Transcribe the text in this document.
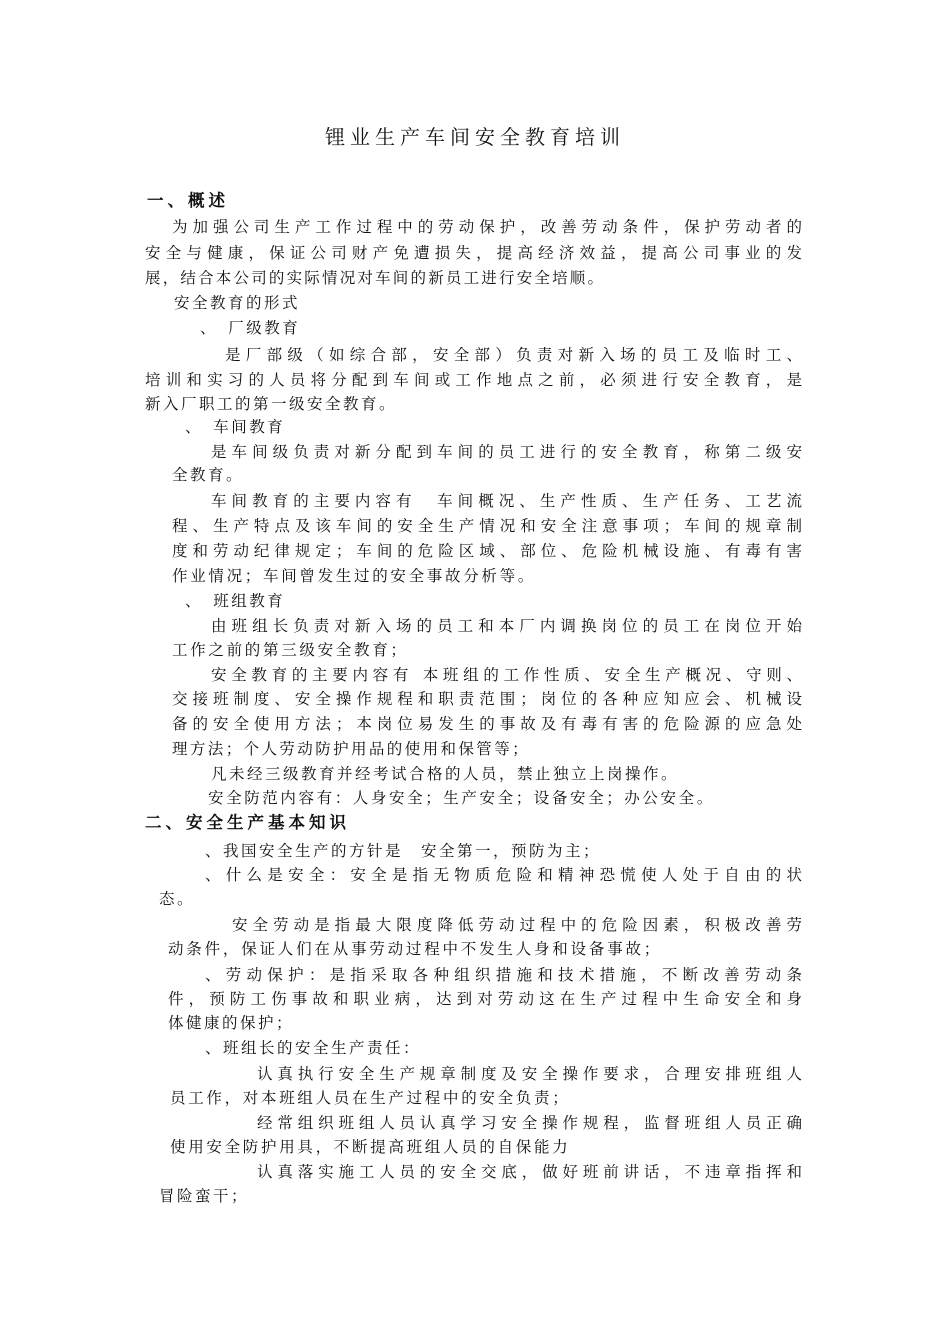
锂业生产车间安全教育培训
一、概述
为加强公司生产工作过程中的劳动保护，改善劳动条件，保护劳动者的
安全与健康，保证公司财产免遭损失，提高经济效益，提高公司事业的发
展，结合本公司的实际情况对车间的新员工进行安全培顺。
安全教育的形式
、　厂级教育
是厂部级（如综合部，安全部）负责对新入场的员工及临时工、
培训和实习的人员将分配到车间或工作地点之前，必须进行安全教育，是
新入厂职工的第一级安全教育。
、　车间教育
是车间级负责对新分配到车间的员工进行的安全教育，称第二级安
全教育。
车间教育的主要内容有　车间概况、生产性质、生产任务、工艺流
程、生产特点及该车间的安全生产情况和安全注意事项；车间的规章制
度和劳动纪律规定；车间的危险区域、部位、危险机械设施、有毒有害
作业情况；车间曾发生过的安全事故分析等。
、　班组教育
由班组长负责对新入场的员工和本厂内调换岗位的员工在岗位开始
工作之前的第三级安全教育；
安全教育的主要内容有 本班组的工作性质、安全生产概况、守则、
交接班制度、安全操作规程和职责范围；岗位的各种应知应会、机械设
备的安全使用方法；本岗位易发生的事故及有毒有害的危险源的应急处
理方法；个人劳动防护用品的使用和保管等；
凡未经三级教育并经考试合格的人员，禁止独立上岗操作。
安全防范内容有：人身安全；生产安全；设备安全；办公安全。
二、安全生产基本知识
、我国安全生产的方针是　安全第一，预防为主；
、什么是安全：安全是指无物质危险和精神恐慌使人处于自由的状
态。
安全劳动是指最大限度降低劳动过程中的危险因素，积极改善劳
动条件，保证人们在从事劳动过程中不发生人身和设备事故；
、劳动保护：是指采取各种组织措施和技术措施，不断改善劳动条
件，预防工伤事故和职业病，达到对劳动这在生产过程中生命安全和身
体健康的保护；
、班组长的安全生产责任：
认真执行安全生产规章制度及安全操作要求，合理安排班组人
员工作，对本班组人员在生产过程中的安全负责；
经常组织班组人员认真学习安全操作规程，监督班组人员正确
使用安全防护用具，不断提高班组人员的自保能力
认真落实施工人员的安全交底，做好班前讲话，不违章指挥和
冒险蛮干；
